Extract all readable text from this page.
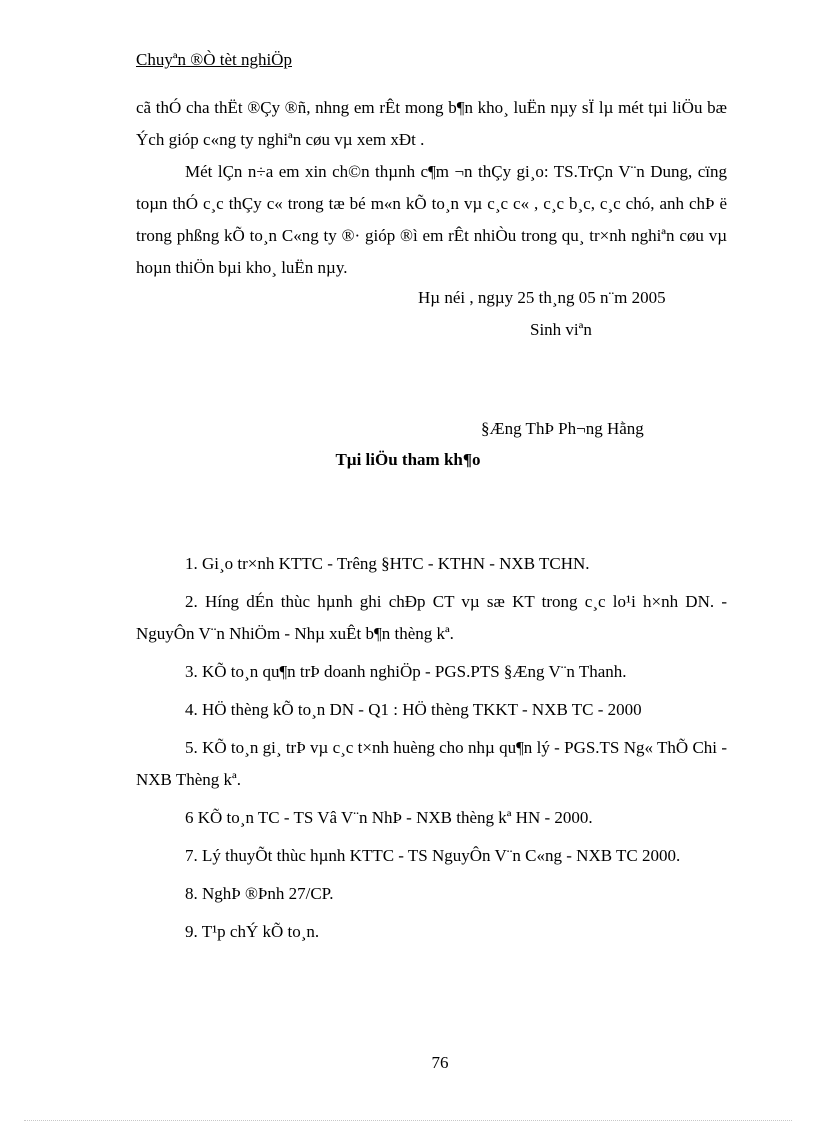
Chuyªn ®Ò tèt nghiÖp
cã thÓ cha thËt ®Çy ®ñ, nhng em rÊt mong b¶n kho¸ luËn nµy sÏ lµ mét tµi liÖu bæ Ých gióp c«ng ty nghiªn cøu vµ xem xÐt .
Mét lÇn n÷a em xin ch©n thµnh c¶m ¬n thÇy gi¸o: TS.TrÇn V¨n Dung, cïng toµn thÓ c¸c thÇy c« trong tæ bé m«n kÕ to¸n vµ c¸c c« , c¸c b¸c, c¸c chó, anh chÞ ë trong phßng kÕ to¸n C«ng ty ®· gióp ®ì em rÊt nhiÒu trong qu¸ tr×nh nghiªn cøu vµ hoµn thiÖn bµi kho¸ luËn nµy.
Hµ néi , ngµy 25 th¸ng 05 n¨m 2005
Sinh viªn
§Æng ThÞ Ph¬ng Hằng
Tµi liÖu tham kh¶o

1. Gi¸o tr×nh KTTC - Trêng §HTC - KTHN - NXB TCHN.

2. Híng dÉn thùc hµnh ghi chÐp CT vµ sæ KT trong c¸c lo¹i h×nh DN. - NguyÔn V¨n NhiÖm - Nhµ xuÊt b¶n thèng kª.

3. KÕ to¸n qu¶n trÞ doanh nghiÖp - PGS.PTS §Æng V¨n Thanh.

4. HÖ thèng kÕ to¸n DN - Q1 : HÖ thèng TKKT - NXB TC - 2000

5. KÕ to¸n gi¸ trÞ vµ c¸c t×nh huèng cho nhµ qu¶n lý - PGS.TS Ng« ThÕ Chi - NXB Thèng kª.

6 KÕ to¸n TC - TS Vâ V¨n NhÞ - NXB thèng kª HN - 2000.

7. Lý thuyÕt thùc hµnh KTTC - TS NguyÔn V¨n C«ng - NXB TC 2000.

8. NghÞ ®Þnh 27/CP.

9. T¹p chÝ kÕ to¸n.

76
